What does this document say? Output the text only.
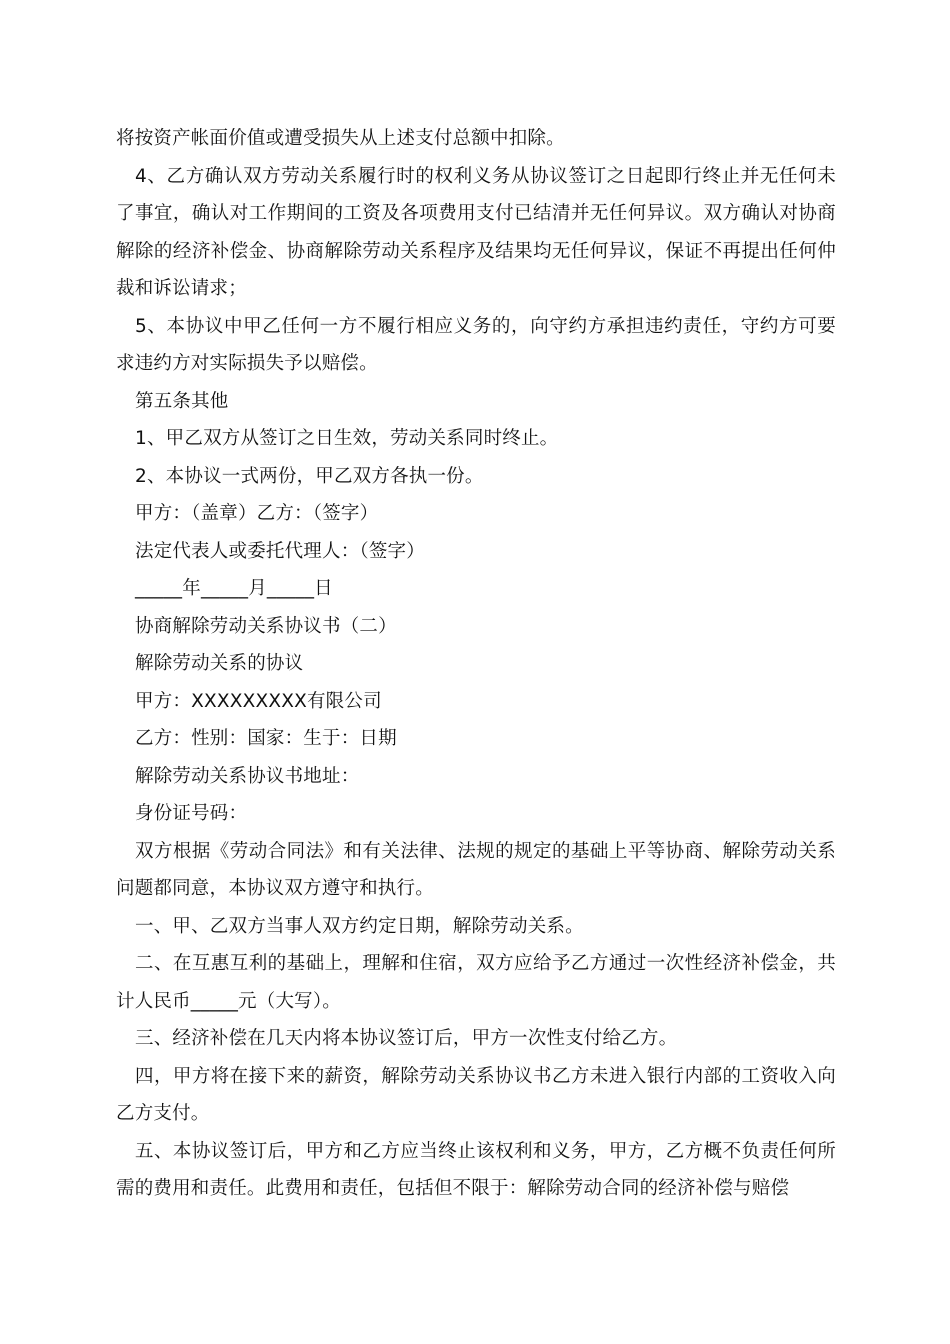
将按资产帐面价值或遭受损失从上述支付总额中扣除。

4、乙方确认双方劳动关系履行时的权利义务从协议签订之日起即行终止并无任何未了事宜，确认对工作期间的工资及各项费用支付已结清并无任何异议。双方确认对协商解除的经济补偿金、协商解除劳动关系程序及结果均无任何异议，保证不再提出任何仲裁和诉讼请求；

5、本协议中甲乙任何一方不履行相应义务的，向守约方承担违约责任，守约方可要求违约方对实际损失予以赔偿。

第五条其他

1、甲乙双方从签订之日生效，劳动关系同时终止。

2、本协议一式两份，甲乙双方各执一份。

甲方：（盖章）乙方：（签字）

法定代表人或委托代理人：（签字）

_____年_____月_____日

协商解除劳动关系协议书（二）

解除劳动关系的协议

甲方：XXXXXXXXX有限公司

乙方：性别：国家：生于：日期

解除劳动关系协议书地址：

身份证号码：

双方根据《劳动合同法》和有关法律、法规的规定的基础上平等协商、解除劳动关系问题都同意，本协议双方遵守和执行。

一、甲、乙双方当事人双方约定日期，解除劳动关系。

二、在互惠互利的基础上，理解和住宿，双方应给予乙方通过一次性经济补偿金，共计人民币_____元（大写）。

三、经济补偿在几天内将本协议签订后，甲方一次性支付给乙方。

四，甲方将在接下来的薪资，解除劳动关系协议书乙方未进入银行内部的工资收入向乙方支付。

五、本协议签订后，甲方和乙方应当终止该权利和义务，甲方，乙方概不负责任何所需的费用和责任。此费用和责任，包括但不限于：解除劳动合同的经济补偿与赔偿
